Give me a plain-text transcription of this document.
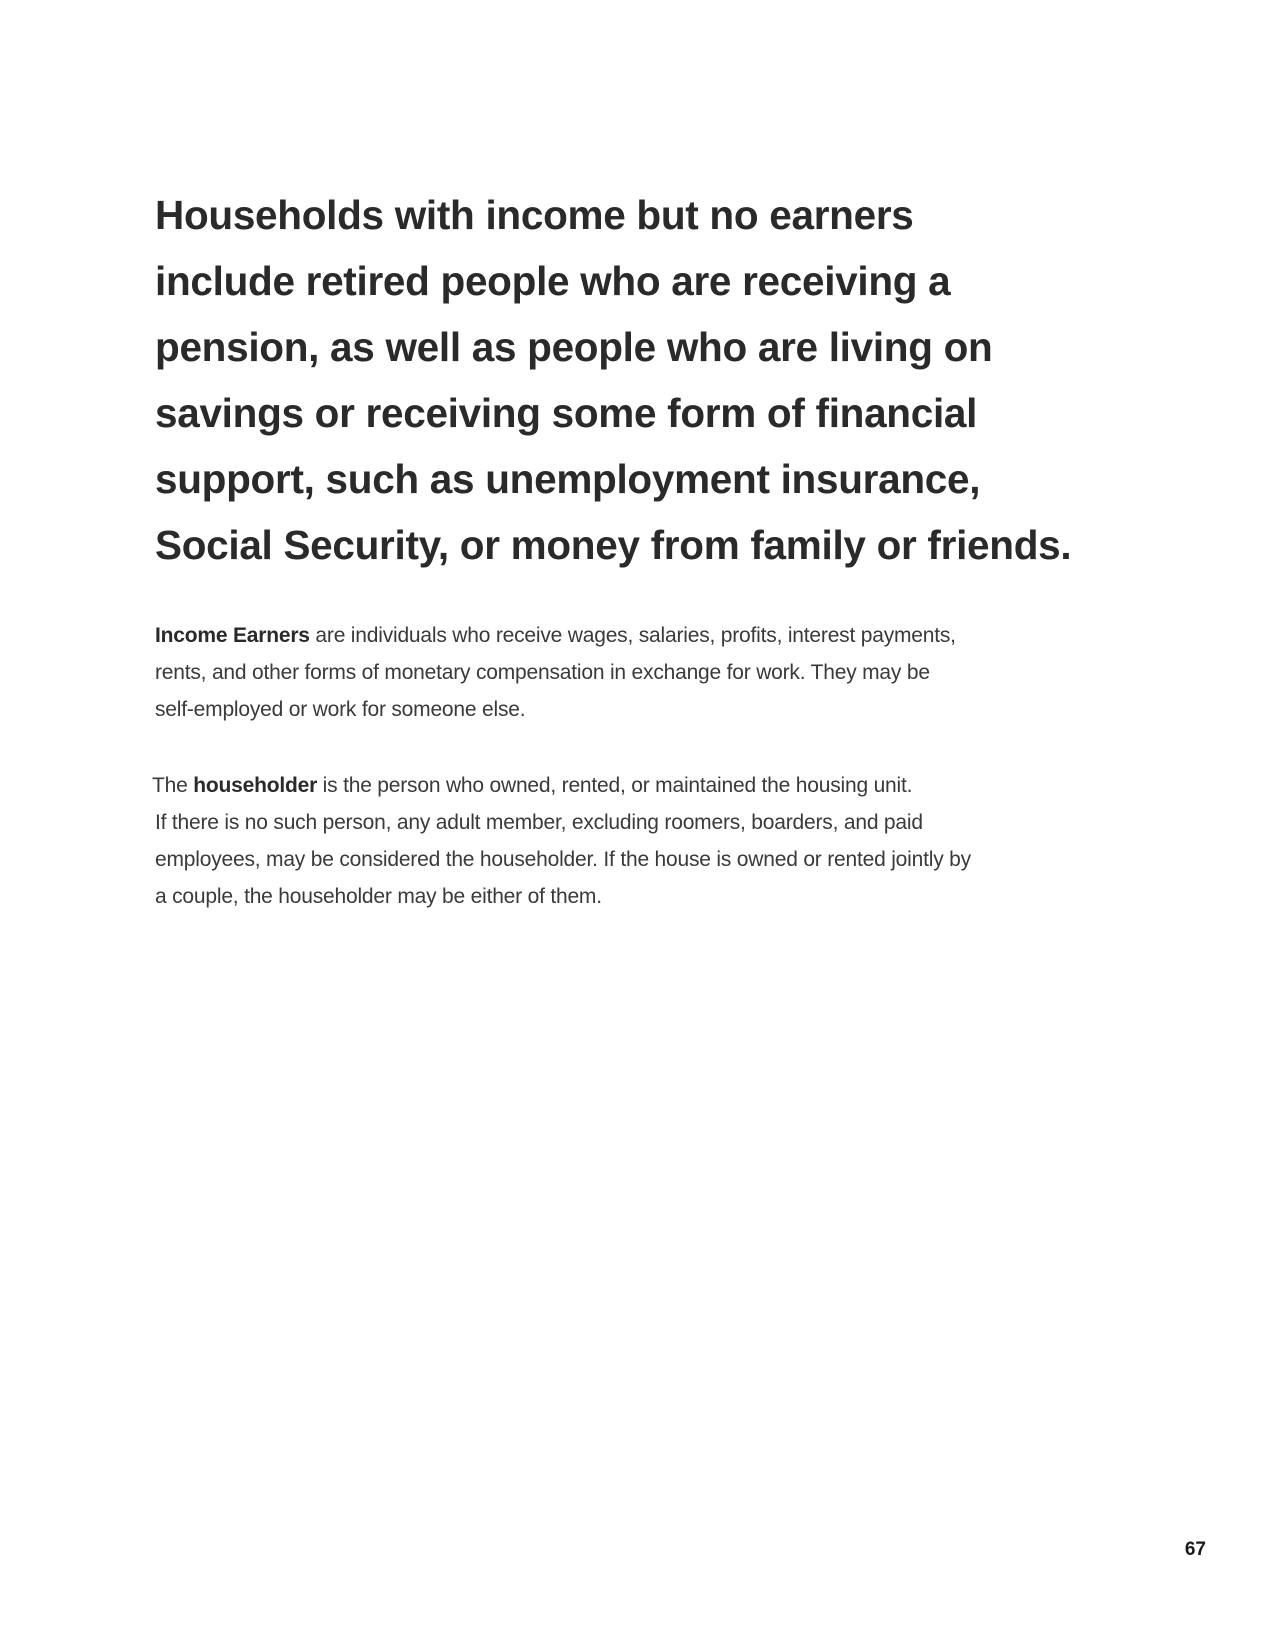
Households with income but no earners
include retired people who are receiving a
pension, as well as people who are living on
savings or receiving some form of financial
support, such as unemployment insurance,
Social Security, or money from family or friends.

Income Earners are individuals who receive wages, salaries, profits, interest payments,
rents, and other forms of monetary compensation in exchange for work. They may be
self-employed or work for someone else.

The householder is the person who owned, rented, or maintained the housing unit.
If there is no such person, any adult member, excluding roomers, boarders, and paid
employees, may be considered the householder. If the house is owned or rented jointly by
a couple, the householder may be either of them.

67
